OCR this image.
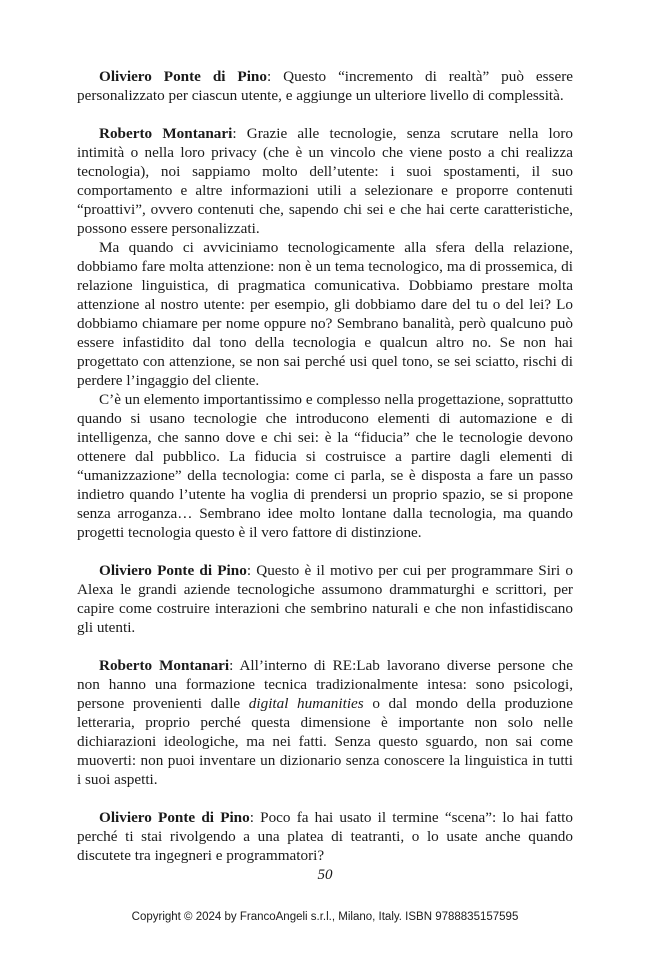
Oliviero Ponte di Pino: Questo “incremento di realtà” può essere personalizzato per ciascun utente, e aggiunge un ulteriore livello di complessità.

Roberto Montanari: Grazie alle tecnologie, senza scrutare nella loro intimità o nella loro privacy (che è un vincolo che viene posto a chi realizza tecnologia), noi sappiamo molto dell’utente: i suoi spostamenti, il suo comportamento e altre informazioni utili a selezionare e proporre contenuti “proattivi”, ovvero contenuti che, sapendo chi sei e che hai certe caratteristiche, possono essere personalizzati.

Ma quando ci avviciniamo tecnologicamente alla sfera della relazione, dobbiamo fare molta attenzione: non è un tema tecnologico, ma di prossemica, di relazione linguistica, di pragmatica comunicativa. Dobbiamo prestare molta attenzione al nostro utente: per esempio, gli dobbiamo dare del tu o del lei? Lo dobbiamo chiamare per nome oppure no? Sembrano banalità, però qualcuno può essere infastidito dal tono della tecnologia e qualcun altro no. Se non hai progettato con attenzione, se non sai perché usi quel tono, se sei sciatto, rischi di perdere l’ingaggio del cliente.

C’è un elemento importantissimo e complesso nella progettazione, soprattutto quando si usano tecnologie che introducono elementi di automazione e di intelligenza, che sanno dove e chi sei: è la “fiducia” che le tecnologie devono ottenere dal pubblico. La fiducia si costruisce a partire dagli elementi di “umanizzazione” della tecnologia: come ci parla, se è disposta a fare un passo indietro quando l’utente ha voglia di prendersi un proprio spazio, se si propone senza arroganza… Sembrano idee molto lontane dalla tecnologia, ma quando progetti tecnologia questo è il vero fattore di distinzione.

Oliviero Ponte di Pino: Questo è il motivo per cui per programmare Siri o Alexa le grandi aziende tecnologiche assumono drammaturghi e scrittori, per capire come costruire interazioni che sembrino naturali e che non infastidiscano gli utenti.

Roberto Montanari: All’interno di RE:Lab lavorano diverse persone che non hanno una formazione tecnica tradizionalmente intesa: sono psicologi, persone provenienti dalle digital humanities o dal mondo della produzione letteraria, proprio perché questa dimensione è importante non solo nelle dichiarazioni ideologiche, ma nei fatti. Senza questo sguardo, non sai come muoverti: non puoi inventare un dizionario senza conoscere la linguistica in tutti i suoi aspetti.

Oliviero Ponte di Pino: Poco fa hai usato il termine “scena”: lo hai fatto perché ti stai rivolgendo a una platea di teatranti, o lo usate anche quando discutete tra ingegneri e programmatori?

50
Copyright © 2024 by FrancoAngeli s.r.l., Milano, Italy. ISBN 9788835157595
